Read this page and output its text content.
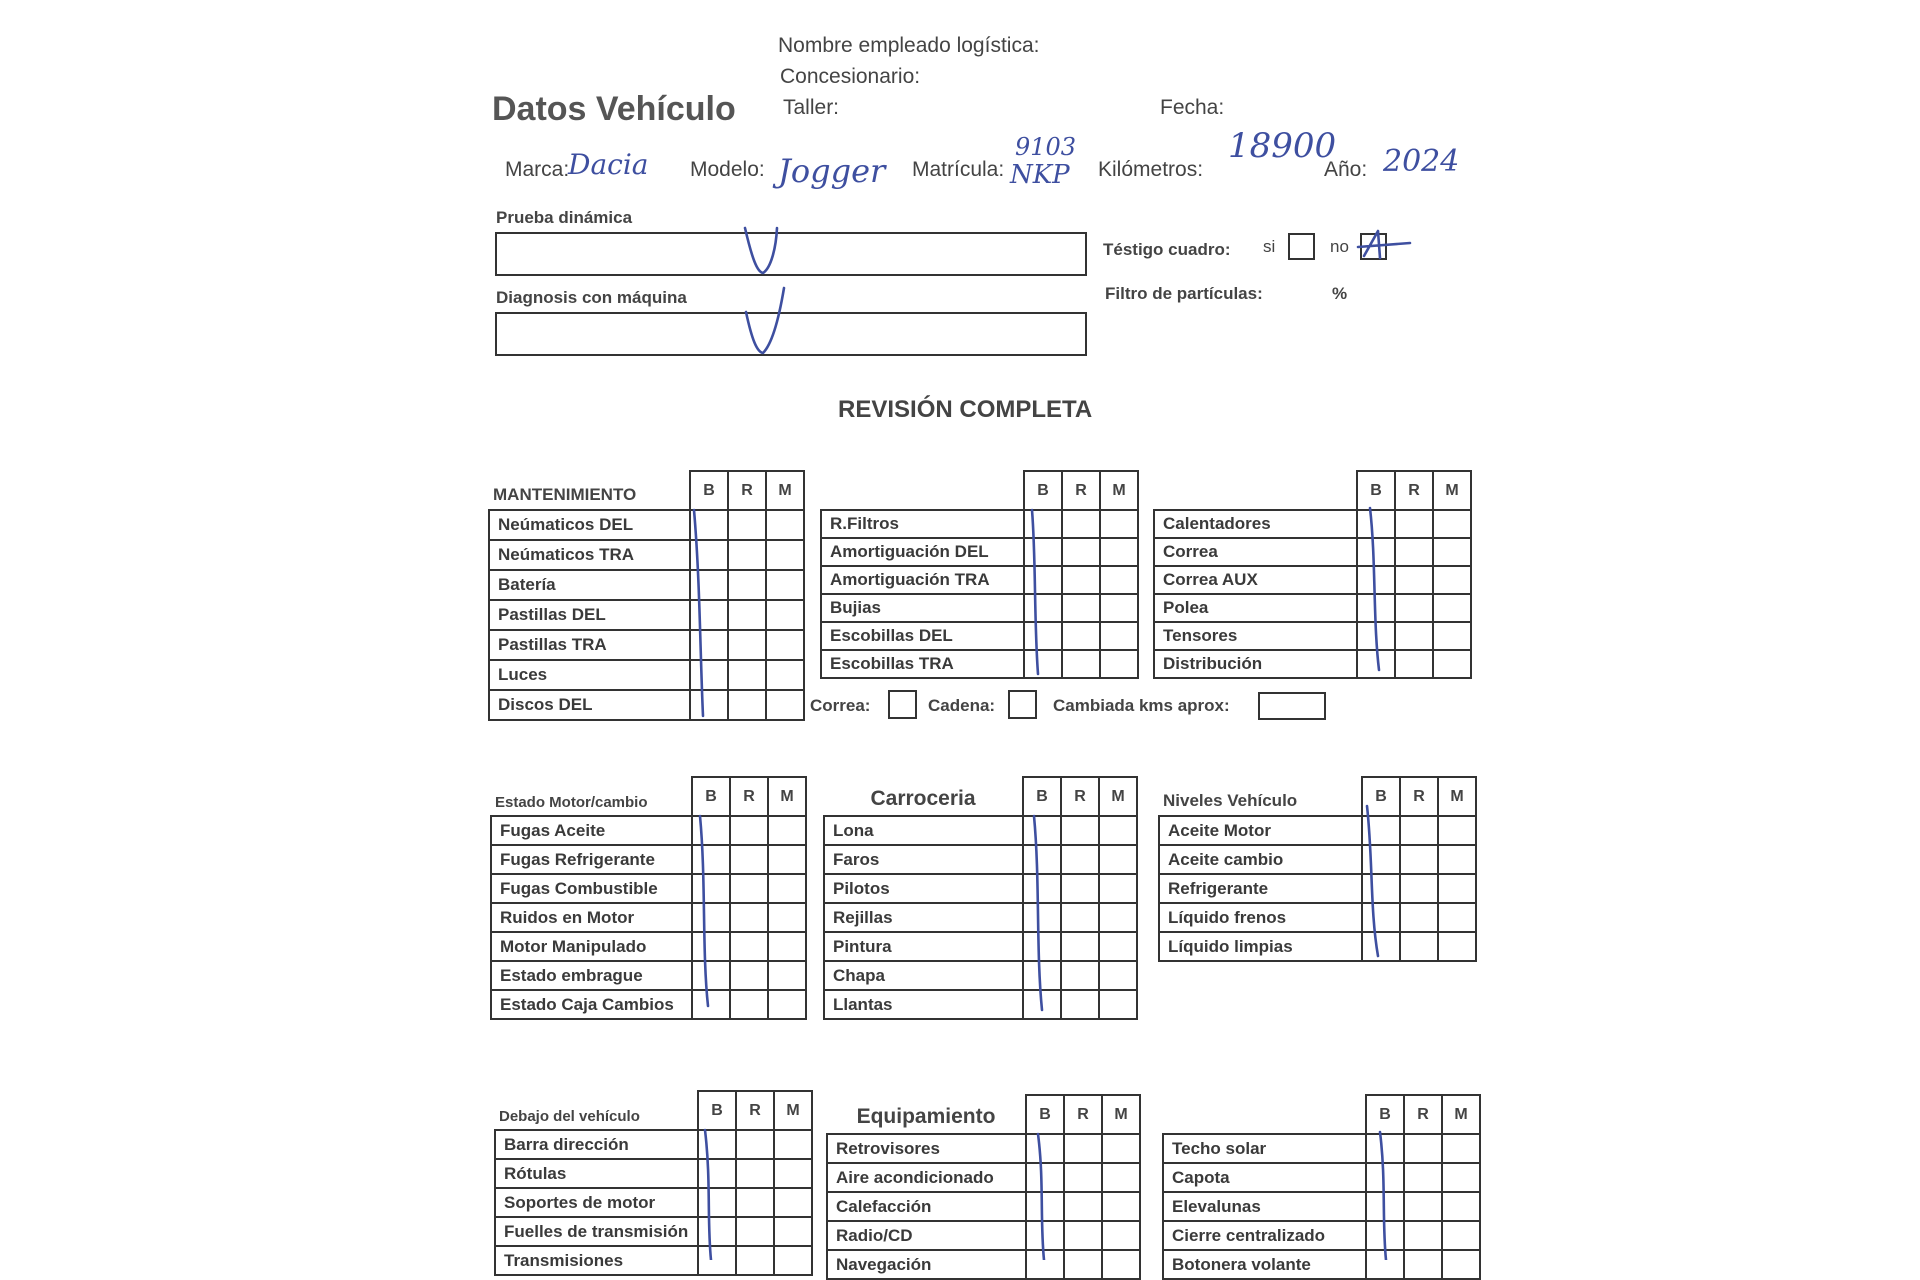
Nombre empleado logística:
Concesionario:
Taller:	Fecha:
Datos Vehículo
Marca:
Dacia Modelo: Jogger Matrícula:
9103
NKP Kilómetros:
18900
Año: 2024
Prueba dinámica
Diagnosis con máquina
Téstigo cuadro: si	no
Filtro de partículas:	%
REVISIÓN COMPLETA
MANTENIMIENTO	B	R	M
Neúmaticos DEL			
Neúmaticos TRA			
Batería			
Pastillas DEL			
Pastillas TRA			
Luces			
Discos DEL			
	B	R	M
R.Filtros			
Amortiguación DEL			
Amortiguación TRA			
Bujias			
Escobillas DEL			
Escobillas TRA			
	B	R	M
Calentadores			
Correa			
Correa AUX			
Polea			
Tensores			
Distribución			
Estado Motor/cambio	B	R	M
Fugas Aceite			
Fugas Refrigerante			
Fugas Combustible			
Ruidos en Motor			
Motor Manipulado			
Estado embrague			
Estado Caja Cambios			
Carroceria	B	R	M
Lona			
Faros			
Pilotos			
Rejillas			
Pintura			
Chapa			
Llantas			
Niveles Vehículo	B	R	M
Aceite Motor			
Aceite cambio			
Refrigerante			
Líquido frenos			
Líquido limpias			
Debajo del vehículo	B	R	M
Barra dirección			
Rótulas			
Soportes de motor			
Fuelles de transmisión			
Transmisiones			
Equipamiento	B	R	M
Retrovisores			
Aire acondicionado			
Calefacción			
Radio/CD			
Navegación			
	B	R	M
Techo solar			
Capota			
Elevalunas			
Cierre centralizado			
Botonera volante			
Correa:	Cadena:	Cambiada kms aprox:
